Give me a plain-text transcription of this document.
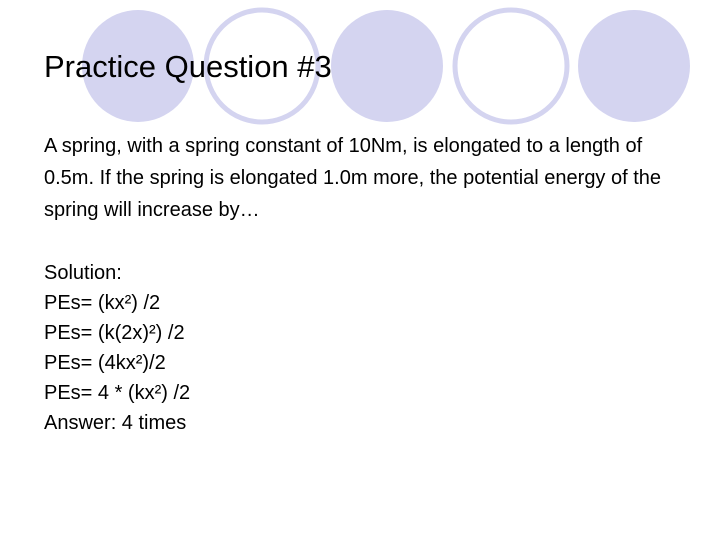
Practice Question #3

A spring, with a spring constant of 10Nm, is elongated to a length of 0.5m. If the spring is elongated 1.0m more, the potential energy of the spring will increase by…

Solution:
PEs= (kx²) /2
PEs= (k(2x)²) /2
PEs= (4kx²)/2
PEs= 4 * (kx²) /2
Answer: 4 times
